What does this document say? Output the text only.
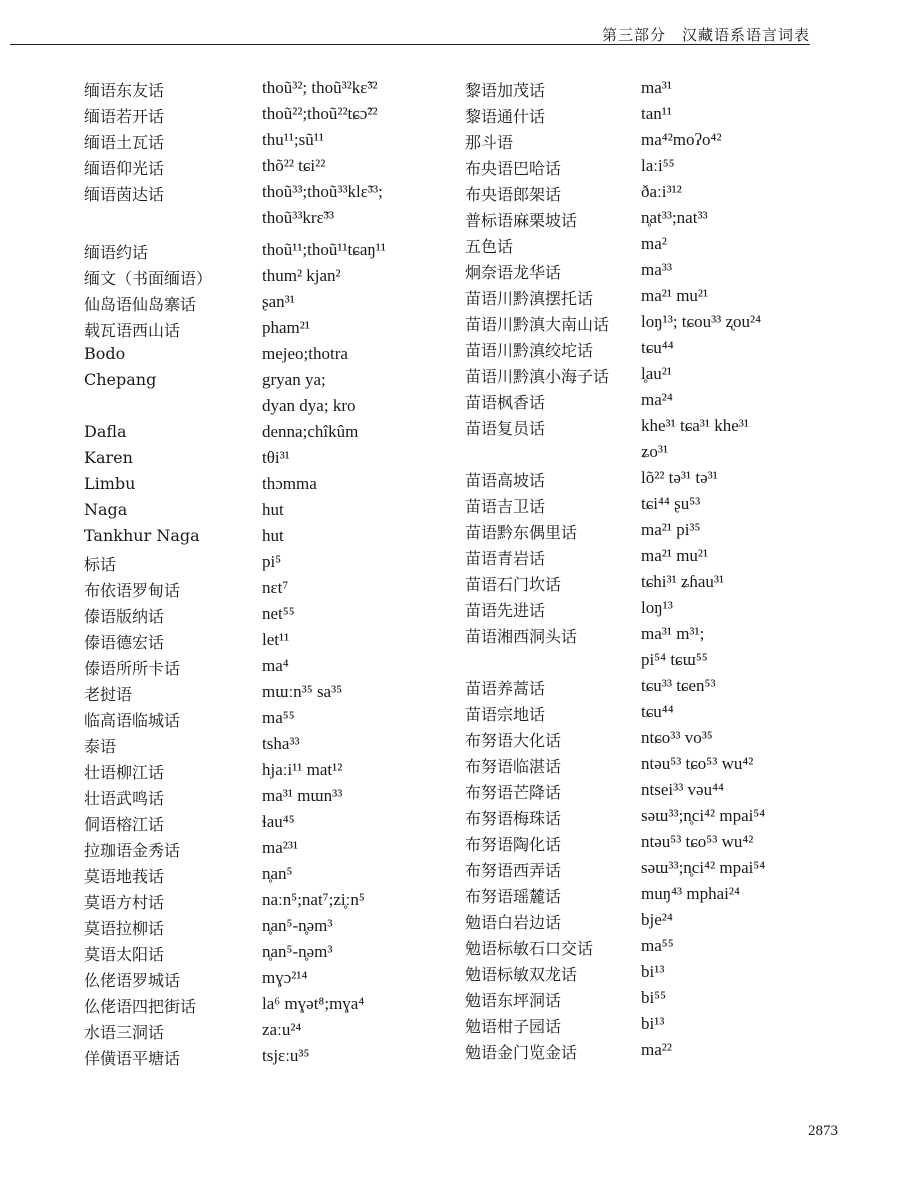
第三部分　汉藏语系语言词表
缅语东友话	thoũ³²; thoũ³²kɛ̃³²
缅语若开话	thoũ²²;thoũ²²tɕɔ̃²²
缅语土瓦话	thu¹¹;sũ¹¹
缅语仰光话	thõ²² tɕi²²
缅语茵达话	thoũ³³;thoũ³³klɛ̃³³;
thoũ³³krɛ̃³³
缅语约话	thoũ¹¹;thoũ¹¹tɕaŋ¹¹
缅文（书面缅语）	thum² kjan²
仙岛语仙岛寨话	ʂan³¹
载瓦语西山话	pham²¹
Bodo	mejeo;thotra
Chepang	gryan ya;
dyan dya; kro
Dafla	denna;chîkûm
Karen	tθi³¹
Limbu	thɔmma
Naga	hut
Tankhur Naga	hut
标话	pi⁵
布依语罗甸话	nɛt⁷
傣语版纳话	net⁵⁵
傣语德宏话	let¹¹
傣语所所卡话	ma⁴
老挝语	mɯːn³⁵ sa³⁵
临高语临城话	ma⁵⁵
泰语	tsha³³
壮语柳江话	hjaːi¹¹ mat¹²
壮语武鸣话	ma³¹ mɯn³³
侗语榕江话	ɬau⁴⁵
拉珈语金秀话	ma²³¹
莫语地莪话	n̥an⁵
莫语方村话	naːn⁵;nat⁷;zi̥ːn⁵
莫语拉柳话	n̥an⁵-n̥əm³
莫语太阳话	n̥an⁵-n̥əm³
仫佬语罗城话	mɣɔ²¹⁴
仫佬语四把街话	la⁶ mɣət⁸;mɣa⁴
水语三洞话	zaːu²⁴
佯僙语平塘话	tsjɛːu³⁵
黎语加茂话	ma³¹
黎语通什话	tan¹¹
那斗语	ma⁴²moʔo⁴²
布央语巴哈话	laːi⁵⁵
布央语郎架话	ðaːi³¹²
普标语麻栗坡话	n̥at³³;nat³³
五色话	ma²
炯奈语龙华话	ma³³
苗语川黔滇摆托话	ma²¹ mu²¹
苗语川黔滇大南山话	loŋ¹³; tɕou³³ ʐou²⁴
苗语川黔滇绞坨话	tɕu⁴⁴
苗语川黔滇小海子话	l̥au²¹
苗语枫香话	ma²⁴
苗语复员话	khe³¹ tɕa³¹ khe³¹
ʑo³¹
苗语高坡话	lõ²² tə³¹ tə³¹
苗语吉卫话	tɕi⁴⁴ ʂu⁵³
苗语黔东偶里话	ma²¹ pi³⁵
苗语青岩话	ma²¹ mu²¹
苗语石门坎话	tɕhi³¹ ʑɦau³¹
苗语先进话	loŋ¹³
苗语湘西洞头话	ma³¹ m³¹;
pi⁵⁴ tɕɯ⁵⁵
苗语养蒿话	tɕu³³ tɕen⁵³
苗语宗地话	tɕu⁴⁴
布努语大化话	ntɕo³³ vo³⁵
布努语临湛话	ntəu⁵³ tɕo⁵³ wu⁴²
布努语芒降话	ntsei³³ vəu⁴⁴
布努语梅珠话	səɯ³³;n̥ci⁴² mpai⁵⁴
布努语陶化话	ntəu⁵³ tɕo⁵³ wu⁴²
布努语西弄话	səɯ³³;n̥ci⁴² mpai⁵⁴
布努语瑶麓话	muŋ⁴³ mphai²⁴
勉语白岩边话	bje²⁴
勉语标敏石口交话	ma⁵⁵
勉语标敏双龙话	bi¹³
勉语东坪洞话	bi⁵⁵
勉语柑子园话	bi¹³
勉语金门览金话	ma²²
2873
